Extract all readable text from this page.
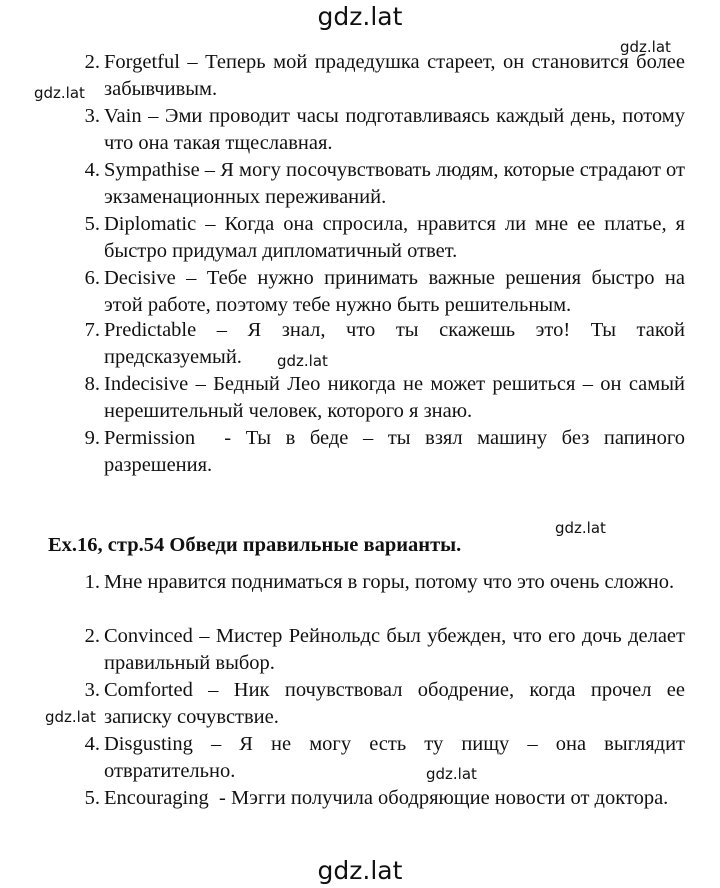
gdz.lat
gdz.lat
gdz.lat
gdz.lat
gdz.lat
gdz.lat
gdz.lat
gdz.lat
2. Forgetful – Теперь мой прадедушка стареет, он становится более забывчивым.
3. Vain – Эми проводит часы подготавливаясь каждый день, потому что она такая тщеславная.
4. Sympathise – Я могу посочувствовать людям, которые страдают от экзаменационных переживаний.
5. Diplomatic – Когда она спросила, нравится ли мне ее платье, я быстро придумал дипломатичный ответ.
6. Decisive – Тебе нужно принимать важные решения быстро на этой работе, поэтому тебе нужно быть решительным.
7. Predictable – Я знал, что ты скажешь это! Ты такой предсказуемый.
8. Indecisive – Бедный Лео никогда не может решиться – он самый нерешительный человек, которого я знаю.
9. Permission  - Ты в беде – ты взял машину без папиного разрешения.
Ex.16, стр.54 Обведи правильные варианты.
1. Мне нравится подниматься в горы, потому что это очень сложно.
2. Convinced – Мистер Рейнольдс был убежден, что его дочь делает правильный выбор.
3. Comforted – Ник почувствовал ободрение, когда прочел ее записку сочувствие.
4. Disgusting – Я не могу есть ту пищу – она выглядит отвратительно.
5. Encouraging  - Мэгги получила ободряющие новости от доктора.
